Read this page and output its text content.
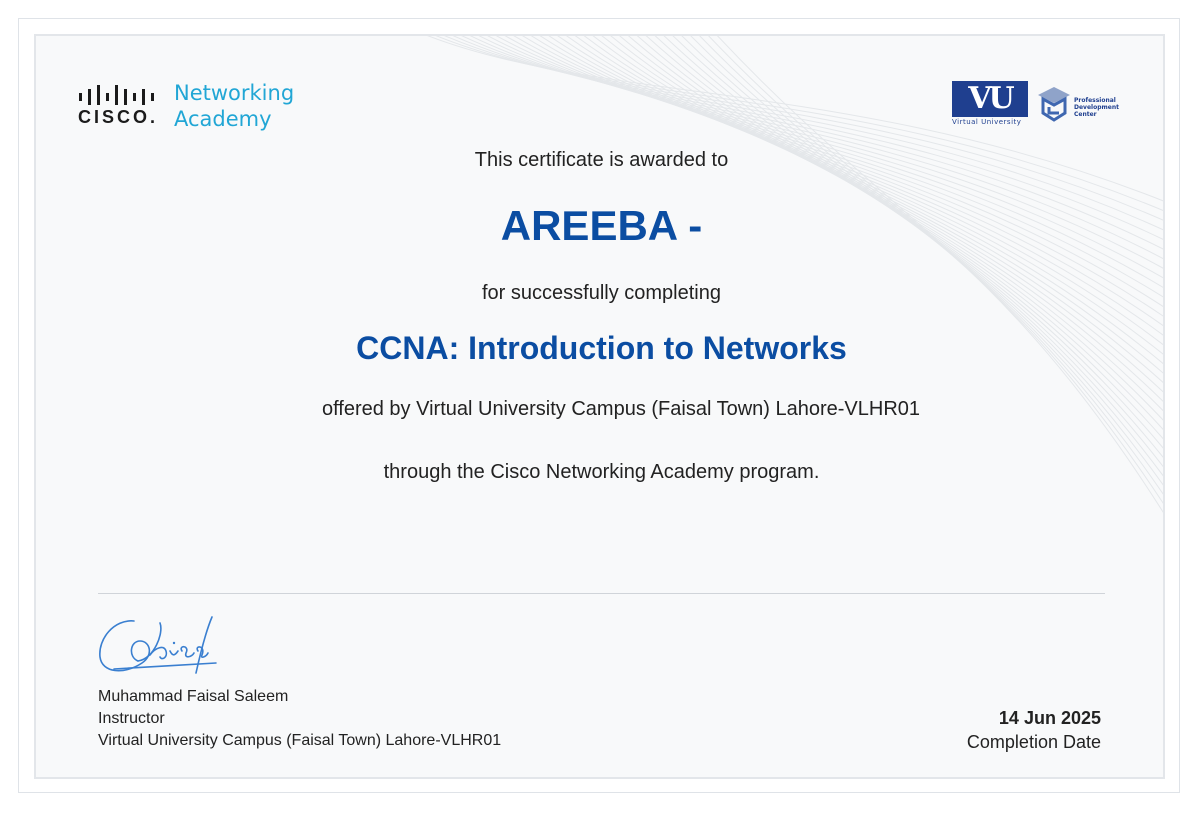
CISCO.
Networking
Academy
VU
Virtual University
Professional
Development
Center
This certificate is awarded to
AREEBA -
for successfully completing
CCNA: Introduction to Networks
offered by Virtual University Campus (Faisal Town) Lahore-VLHR01
through the Cisco Networking Academy program.
Muhammad Faisal Saleem
Instructor
Virtual University Campus (Faisal Town) Lahore-VLHR01
14 Jun 2025
Completion Date
